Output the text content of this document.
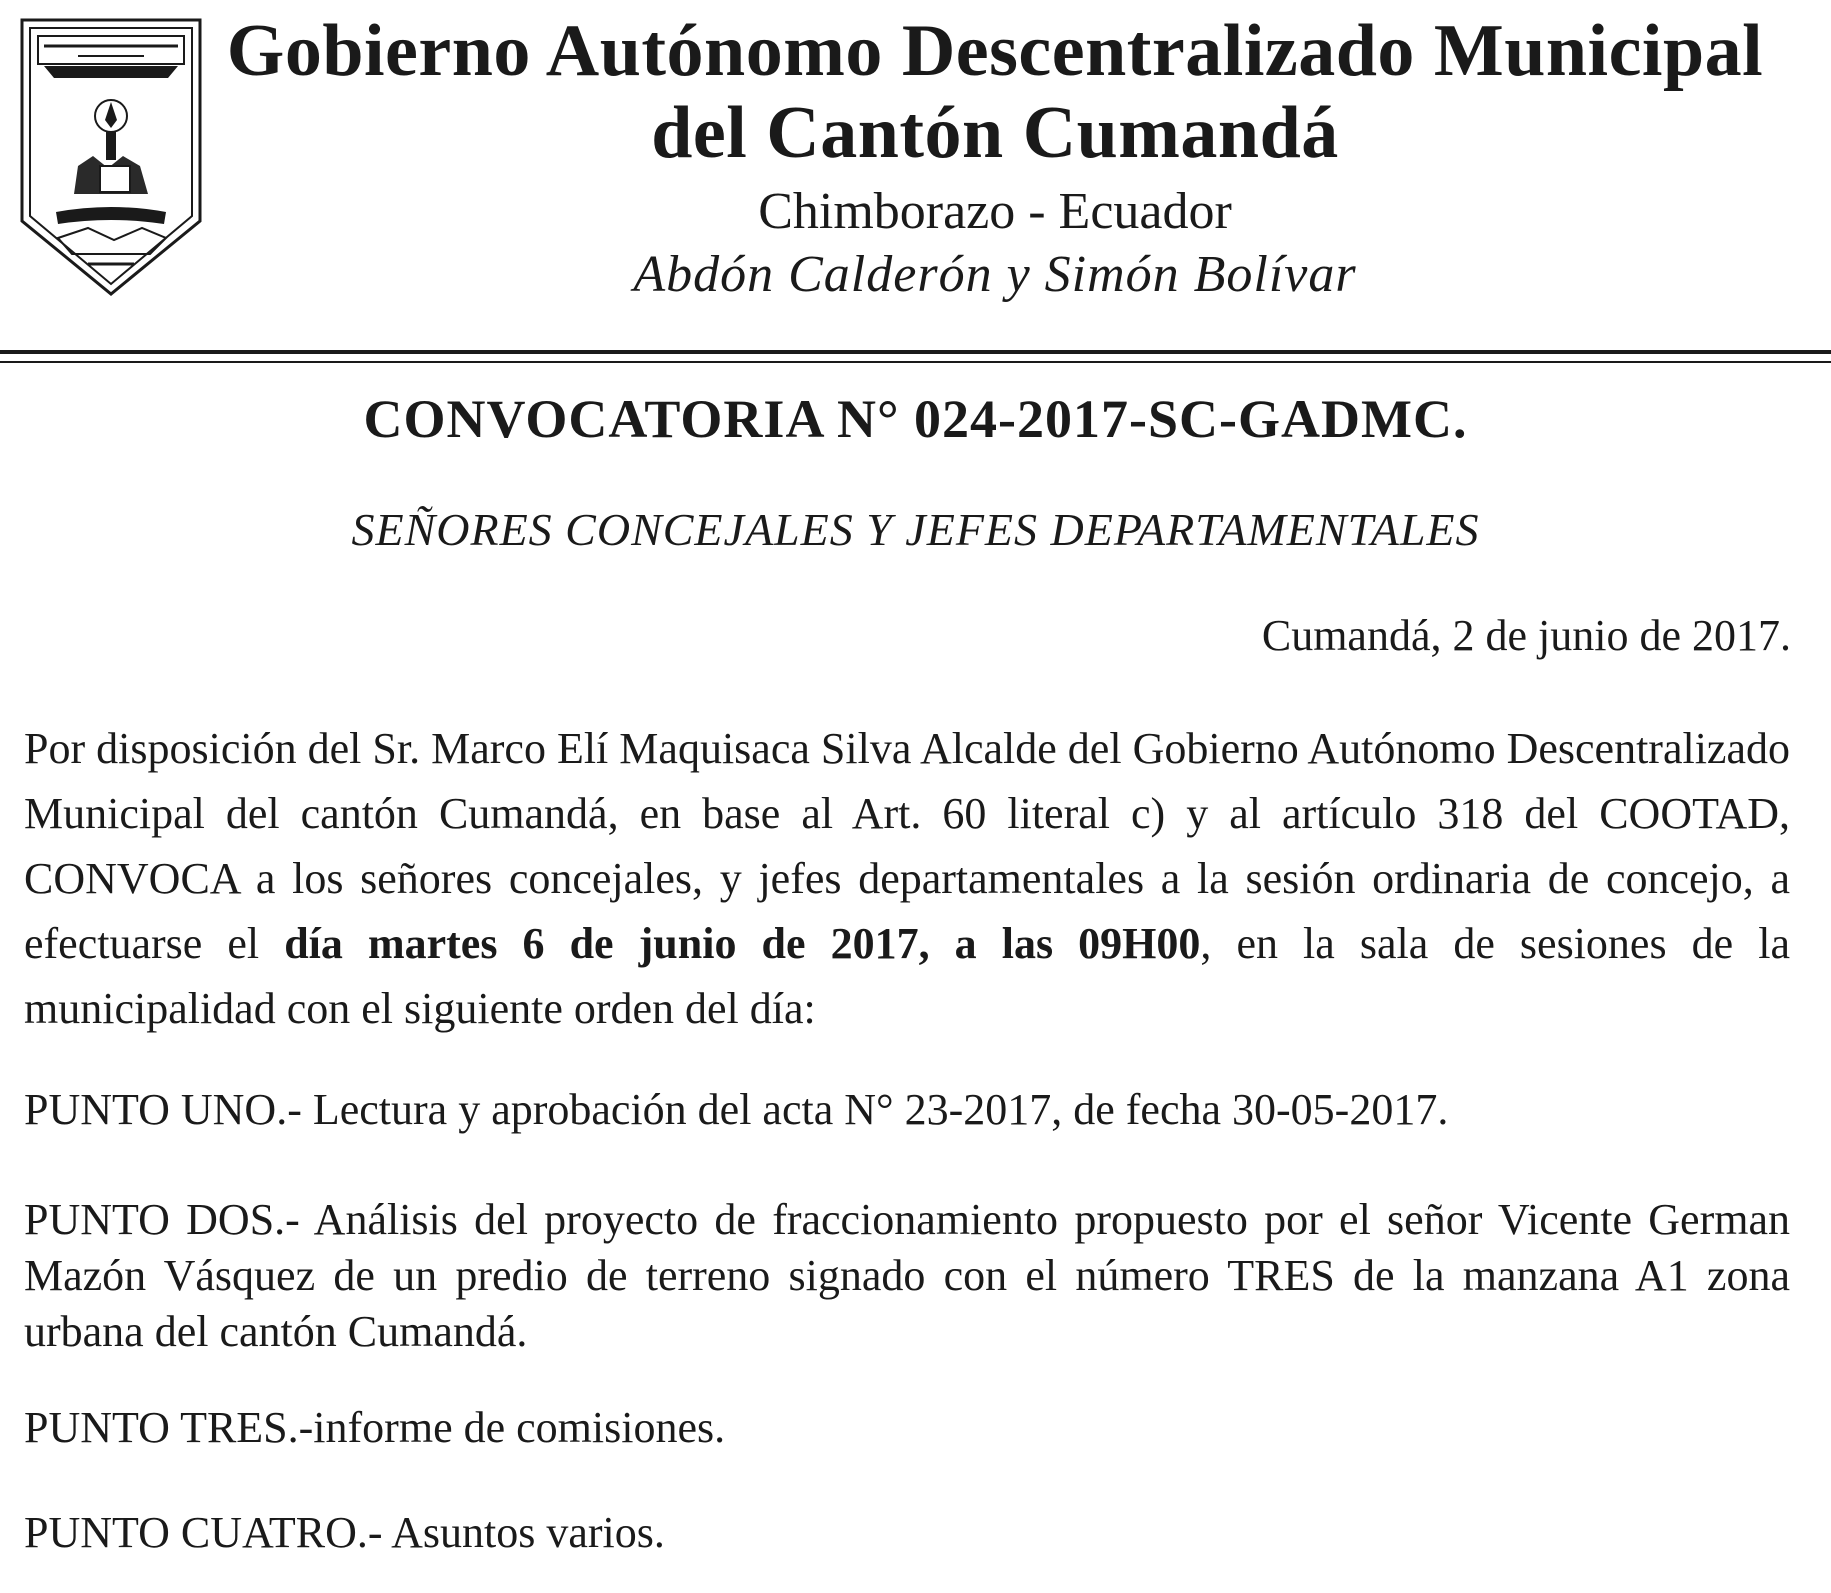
Gobierno Autónomo Descentralizado Municipal
del Cantón Cumandá
Chimborazo - Ecuador
Abdón Calderón y Simón Bolívar
CONVOCATORIA N° 024-2017-SC-GADMC.
SEÑORES CONCEJALES Y JEFES DEPARTAMENTALES
Cumandá, 2 de junio de 2017.
Por disposición del Sr. Marco Elí Maquisaca Silva Alcalde del Gobierno Autónomo Descentralizado Municipal del cantón Cumandá, en base al Art. 60 literal c) y al artículo 318 del COOTAD, CONVOCA a los señores concejales, y jefes departamentales a la sesión ordinaria de concejo, a efectuarse el día martes 6 de junio de 2017, a las 09H00, en la sala de sesiones de la municipalidad con el siguiente orden del día:
PUNTO UNO.- Lectura y aprobación del acta N° 23-2017, de fecha 30-05-2017.
PUNTO DOS.- Análisis del proyecto de fraccionamiento propuesto por el señor Vicente German Mazón Vásquez de un predio de terreno signado con el número TRES de la manzana A1 zona urbana del cantón Cumandá.
PUNTO TRES.-informe de comisiones.
PUNTO CUATRO.- Asuntos varios.
